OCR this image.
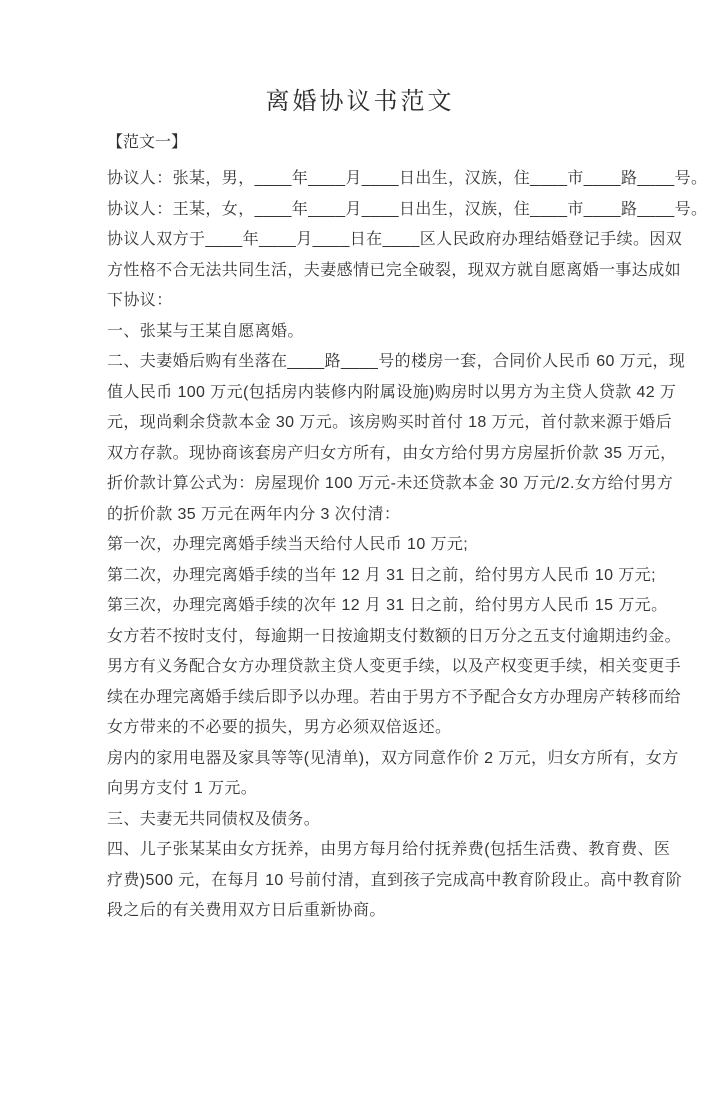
离婚协议书范文
【范文一】
协议人：张某，男，____年____月____日出生，汉族，住____市____路____号。
协议人：王某，女，____年____月____日出生，汉族，住____市____路____号。
协议人双方于____年____月____日在____区人民政府办理结婚登记手续。因双
方性格不合无法共同生活，夫妻感情已完全破裂，现双方就自愿离婚一事达成如
下协议：
一、张某与王某自愿离婚。
二、夫妻婚后购有坐落在____路____号的楼房一套，合同价人民币 60 万元，现
值人民币 100 万元(包括房内装修内附属设施)购房时以男方为主贷人贷款 42 万
元，现尚剩余贷款本金 30 万元。该房购买时首付 18 万元，首付款来源于婚后
双方存款。现协商该套房产归女方所有，由女方给付男方房屋折价款 35 万元，
折价款计算公式为：房屋现价 100 万元-未还贷款本金 30 万元/2.女方给付男方
的折价款 35 万元在两年内分 3 次付清：
第一次，办理完离婚手续当天给付人民币 10 万元;
第二次，办理完离婚手续的当年 12 月 31 日之前，给付男方人民币 10 万元;
第三次，办理完离婚手续的次年 12 月 31 日之前，给付男方人民币 15 万元。
女方若不按时支付，每逾期一日按逾期支付数额的日万分之五支付逾期违约金。
男方有义务配合女方办理贷款主贷人变更手续，以及产权变更手续，相关变更手
续在办理完离婚手续后即予以办理。若由于男方不予配合女方办理房产转移而给
女方带来的不必要的损失，男方必须双倍返还。
房内的家用电器及家具等等(见清单)，双方同意作价 2 万元，归女方所有，女方
向男方支付 1 万元。
三、夫妻无共同债权及债务。
四、儿子张某某由女方抚养，由男方每月给付抚养费(包括生活费、教育费、医
疗费)500 元，在每月 10 号前付清，直到孩子完成高中教育阶段止。高中教育阶
段之后的有关费用双方日后重新协商。
